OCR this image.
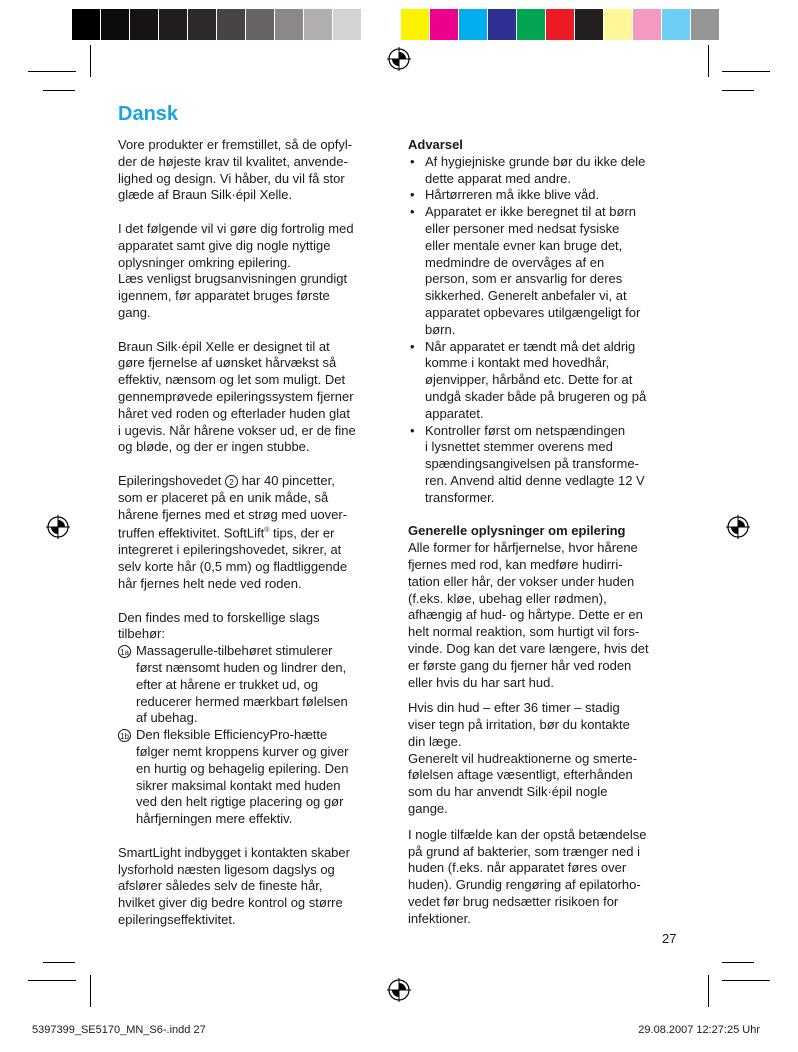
Dansk

Vore produkter er fremstillet, så de opfyl-
der de højeste krav til kvalitet, anvende-
lighed og design. Vi håber, du vil få stor
glæde af Braun Silk·épil Xelle.

I det følgende vil vi gøre dig fortrolig med
apparatet samt give dig nogle nyttige
oplysninger omkring epilering.

Læs venligst brugsanvisningen grundigt
igennem, før apparatet bruges første
gang.

Braun Silk·épil Xelle er designet til at
gøre fjernelse af uønsket hårvækst så
effektiv, nænsom og let som muligt. Det
gennemprøvede epileringssystem fjerner
håret ved roden og efterlader huden glat
i ugevis. Når hårene vokser ud, er de fine
og bløde, og der er ingen stubbe.

Epileringshovedet 2 har 40 pincetter,
som er placeret på en unik måde, så
hårene fjernes med et strøg med uover-
truffen effektivitet. SoftLift® tips, der er
integreret i epileringshovedet, sikrer, at
selv korte hår (0,5 mm) og fladtliggende
hår fjernes helt nede ved roden.

Den findes med to forskellige slags
tilbehør:

1a Massagerulle-tilbehøret stimulerer
først nænsomt huden og lindrer den,
efter at hårene er trukket ud, og
reducerer hermed mærkbart følelsen
af ubehag.
1b Den fleksible EfficiencyPro-hætte
følger nemt kroppens kurver og giver
en hurtig og behagelig epilering. Den
sikrer maksimal kontakt med huden
ved den helt rigtige placering og gør
hårfjerningen mere effektiv.

SmartLight indbygget i kontakten skaber
lysforhold næsten ligesom dagslys og
afslører således selv de fineste hår,
hvilket giver dig bedre kontrol og større
epileringseffektivitet.

Advarsel

• Af hygiejniske grunde bør du ikke dele
dette apparat med andre.
• Hårtørreren må ikke blive våd.
• Apparatet er ikke beregnet til at børn
eller personer med nedsat fysiske
eller mentale evner kan bruge det,
medmindre de overvåges af en
person, som er ansvarlig for deres
sikkerhed. Generelt anbefaler vi, at
apparatet opbevares utilgængeligt for
børn.
• Når apparatet er tændt må det aldrig
komme i kontakt med hovedhår,
øjenvipper, hårbånd etc. Dette for at
undgå skader både på brugeren og på
apparatet.
• Kontroller først om netspændingen
i lysnettet stemmer overens med
spændingsangivelsen på transforme-
ren. Anvend altid denne vedlagte 12 V
transformer.

Generelle oplysninger om epilering

Alle former for hårfjernelse, hvor hårene
fjernes med rod, kan medføre hudirri-
tation eller hår, der vokser under huden
(f.eks. kløe, ubehag eller rødmen),
afhængig af hud- og hårtype. Dette er en
helt normal reaktion, som hurtigt vil fors-
vinde. Dog kan det vare længere, hvis det
er første gang du fjerner hår ved roden
eller hvis du har sart hud.

Hvis din hud – efter 36 timer – stadig
viser tegn på irritation, bør du kontakte
din læge.

Generelt vil hudreaktionerne og smerte-
følelsen aftage væsentligt, efterhånden
som du har anvendt Silk·épil nogle
gange.

I nogle tilfælde kan der opstå betændelse
på grund af bakterier, som trænger ned i
huden (f.eks. når apparatet føres over
huden). Grundig rengøring af epilatorho-
vedet før brug nedsætter risikoen for
infektioner.

27
5397399_SE5170_MN_S6-.indd 27	29.08.2007 12:27:25 Uhr
